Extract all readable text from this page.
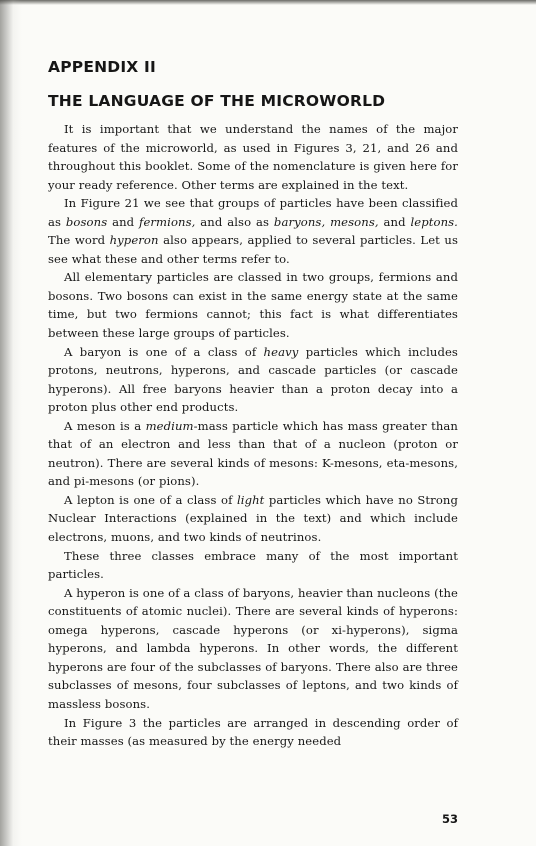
APPENDIX II
THE LANGUAGE OF THE MICROWORLD

It is important that we understand the names of the major features of the microworld, as used in Figures 3, 21, and 26 and throughout this booklet. Some of the nomenclature is given here for your ready reference. Other terms are explained in the text.

In Figure 21 we see that groups of particles have been classified as bosons and fermions, and also as baryons, mesons, and leptons. The word hyperon also appears, applied to several particles. Let us see what these and other terms refer to.

All elementary particles are classed in two groups, fermions and bosons. Two bosons can exist in the same energy state at the same time, but two fermions cannot; this fact is what differentiates between these large groups of particles.

A baryon is one of a class of heavy particles which includes protons, neutrons, hyperons, and cascade particles (or cascade hyperons). All free baryons heavier than a proton decay into a proton plus other end products.

A meson is a medium-mass particle which has mass greater than that of an electron and less than that of a nucleon (proton or neutron). There are several kinds of mesons: K-mesons, eta-mesons, and pi-mesons (or pions).

A lepton is one of a class of light particles which have no Strong Nuclear Interactions (explained in the text) and which include electrons, muons, and two kinds of neutrinos.

These three classes embrace many of the most important particles.

A hyperon is one of a class of baryons, heavier than nucleons (the constituents of atomic nuclei). There are several kinds of hyperons: omega hyperons, cascade hyperons (or xi-hyperons), sigma hyperons, and lambda hyperons. In other words, the different hyperons are four of the subclasses of baryons. There also are three subclasses of mesons, four subclasses of leptons, and two kinds of massless bosons.

In Figure 3 the particles are arranged in descending order of their masses (as measured by the energy needed

53
